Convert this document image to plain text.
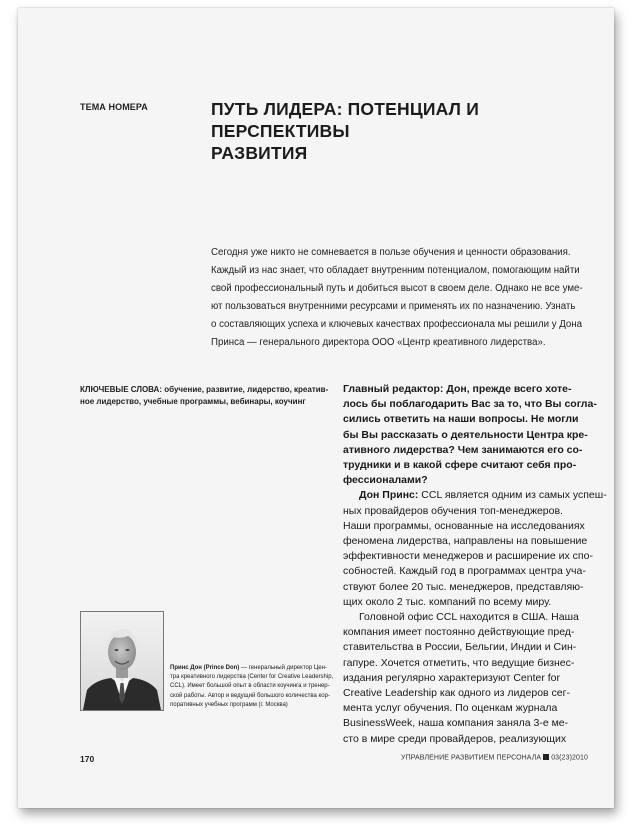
ТЕМА НОМЕРА	ПУТЬ ЛИДЕРА: ПОТЕНЦИАЛ И ПЕРСПЕКТИВЫ
РАЗВИТИЯ
Сегодня уже никто не сомневается в пользе обучения и ценности образования.
Каждый из нас знает, что обладает внутренним потенциалом, помогающим найти
свой профессиональный путь и добиться высот в своем деле. Однако не все уме-
ют пользоваться внутренними ресурсами и применять их по назначению. Узнать
о составляющих успеха и ключевых качествах профессионала мы решили у Дона
Принса — генерального директора ООО «Центр креативного лидерства».
КЛЮЧЕВЫЕ СЛОВА: обучение, развитие, лидерство, креатив-
ное лидерство, учебные программы, вебинары, коучинг
Главный редактор: Дон, прежде всего хоте-
лось бы поблагодарить Вас за то, что Вы согла-
сились ответить на наши вопросы. Не могли
бы Вы рассказать о деятельности Центра кре-
ативного лидерства? Чем занимаются его со-
трудники и в какой сфере считают себя про-
фессионалами?
Дон Принс: CCL является одним из самых успеш-
ных провайдеров обучения топ-менеджеров.
Наши программы, основанные на исследованиях
феномена лидерства, направлены на повышение
эффективности менеджеров и расширение их спо-
собностей. Каждый год в программах центра уча-
ствуют более 20 тыс. менеджеров, представляю-
щих около 2 тыс. компаний по всему миру.
Головной офис CCL находится в США. Наша
компания имеет постоянно действующие пред-
ставительства в России, Бельгии, Индии и Син-
гапуре. Хочется отметить, что ведущие бизнес-
издания регулярно характеризуют Center for
Creative Leadership как одного из лидеров сег-
мента услуг обучения. По оценкам журнала
BusinessWeek, наша компания заняла 3-е ме-
сто в мире среди провайдеров, реализующих
Принс Дон (Prince Don) — генеральный директор Цен-
тра креативного лидерства (Center for Creative Leadership,
CCL). Имеет большой опыт в области коучинга и тренер-
ской работы. Автор и ведущий большого количества кор-
поративных учебных программ (г. Москва)
170	УПРАВЛЕНИЕ РАЗВИТИЕМ ПЕРСОНАЛА 03(23)2010
